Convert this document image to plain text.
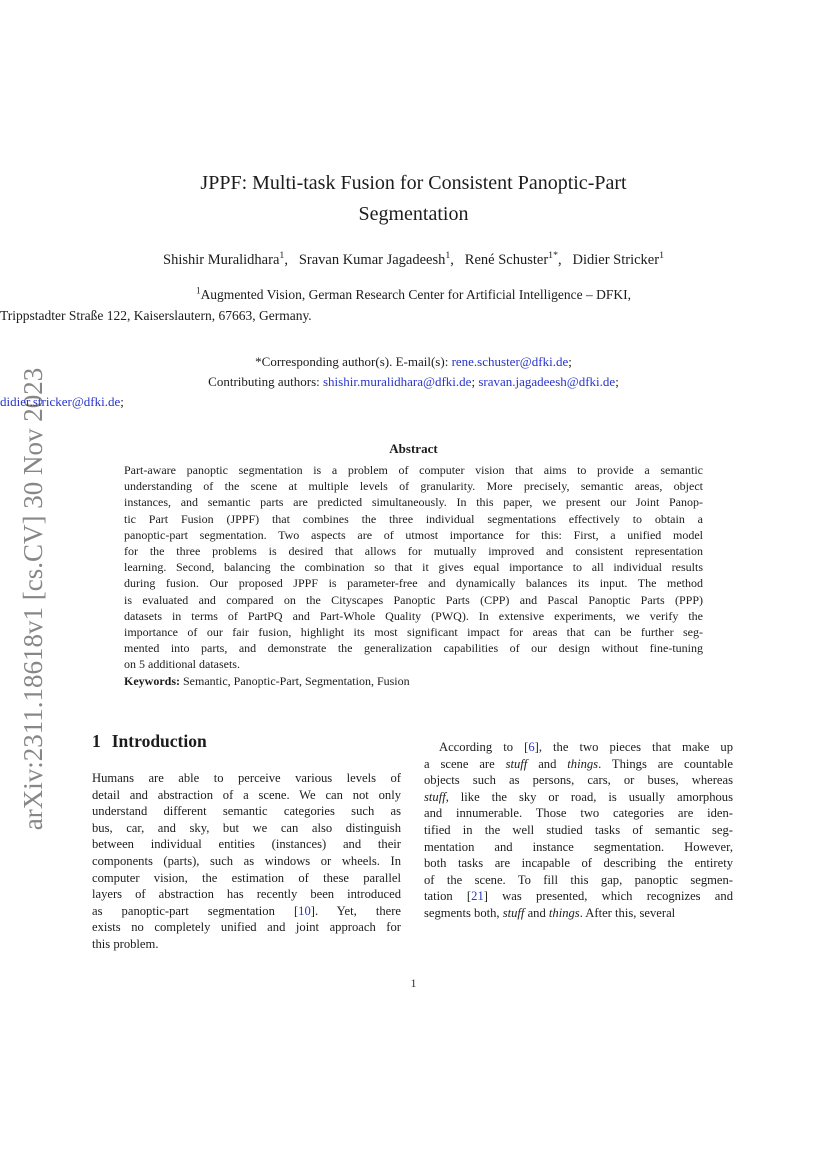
arXiv:2311.18618v1 [cs.CV] 30 Nov 2023
JPPF: Multi-task Fusion for Consistent Panoptic-Part
Segmentation
Shishir Muralidhara$^1$,   Sravan Kumar Jagadeesh$^1$,   René Schuster$^{1*}$,   Didier Stricker$^1$
$^1$Augmented Vision, German Research Center for Artificial Intelligence – DFKI,
Trippstadter Straße 122, Kaiserslautern, 67663, Germany.
*Corresponding author(s). E-mail(s): rene.schuster@dfki.de;
Contributing authors: shishir.muralidhara@dfki.de; sravan.jagadeesh@dfki.de;
didier.stricker@dfki.de;
Abstract
Part-aware panoptic segmentation is a problem of computer vision that aims to provide a semantic
understanding of the scene at multiple levels of granularity. More precisely, semantic areas, object
instances, and semantic parts are predicted simultaneously. In this paper, we present our Joint Panop-
tic Part Fusion (JPPF) that combines the three individual segmentations effectively to obtain a
panoptic-part segmentation. Two aspects are of utmost importance for this: First, a unified model
for the three problems is desired that allows for mutually improved and consistent representation
learning. Second, balancing the combination so that it gives equal importance to all individual results
during fusion. Our proposed JPPF is parameter-free and dynamically balances its input. The method
is evaluated and compared on the Cityscapes Panoptic Parts (CPP) and Pascal Panoptic Parts (PPP)
datasets in terms of PartPQ and Part-Whole Quality (PWQ). In extensive experiments, we verify the
importance of our fair fusion, highlight its most significant impact for areas that can be further seg-
mented into parts, and demonstrate the generalization capabilities of our design without fine-tuning
on 5 additional datasets.
Keywords: Semantic, Panoptic-Part, Segmentation, Fusion
1 Introduction
Humans are able to perceive various levels of
detail and abstraction of a scene. We can not only
understand different semantic categories such as
bus, car, and sky, but we can also distinguish
between individual entities (instances) and their
components (parts), such as windows or wheels. In
computer vision, the estimation of these parallel
layers of abstraction has recently been introduced
as panoptic-part segmentation [10]. Yet, there
exists no completely unified and joint approach for
this problem.
According to [6], the two pieces that make up
a scene are stuff and things. Things are countable
objects such as persons, cars, or buses, whereas
stuff, like the sky or road, is usually amorphous
and innumerable. Those two categories are iden-
tified in the well studied tasks of semantic seg-
mentation and instance segmentation. However,
both tasks are incapable of describing the entirety
of the scene. To fill this gap, panoptic segmen-
tation [21] was presented, which recognizes and
segments both, stuff and things. After this, several
1
